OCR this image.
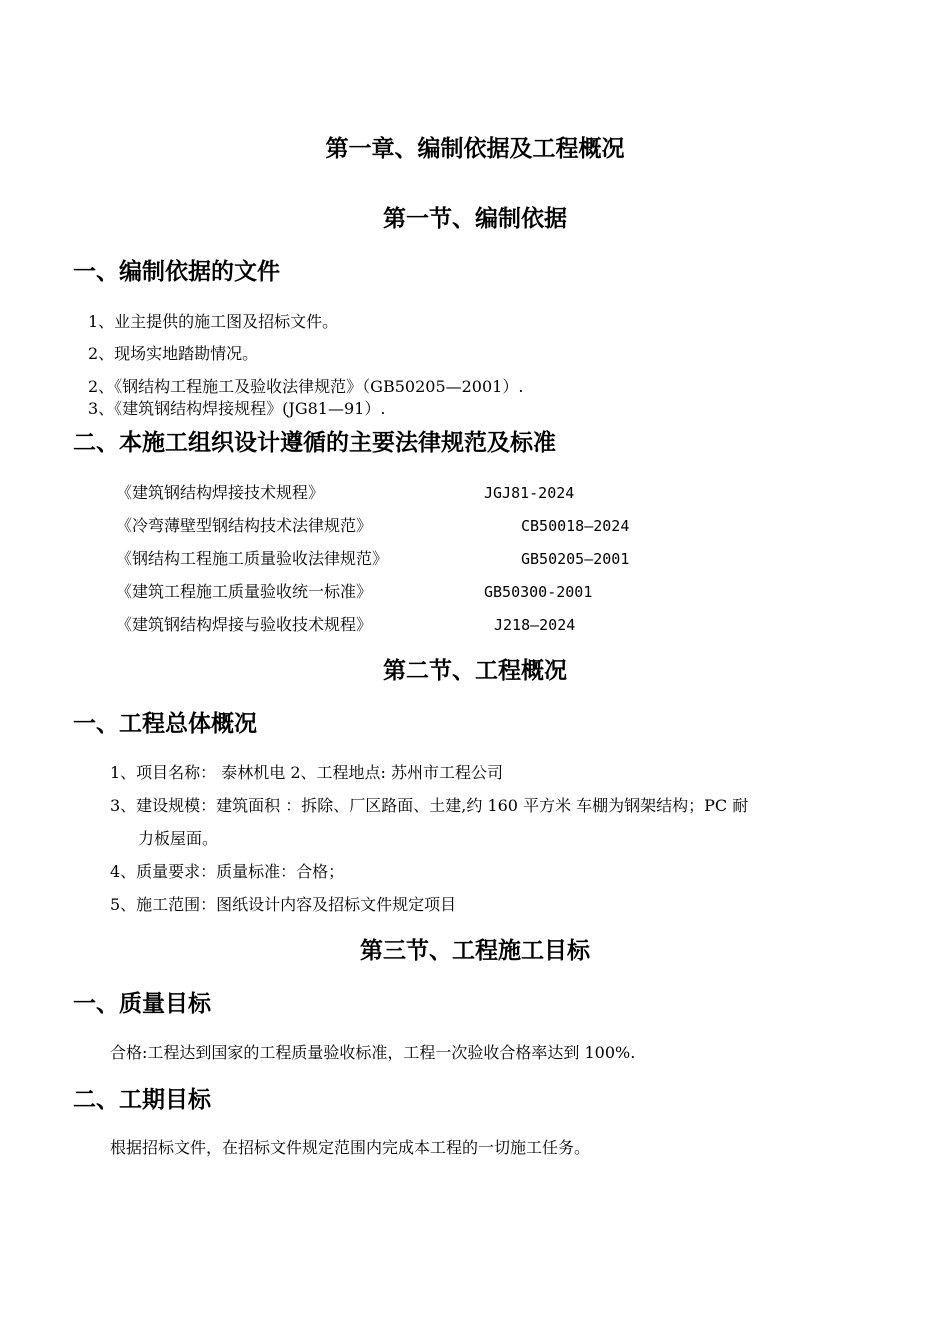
第一章、编制依据及工程概况
第一节、编制依据
一、编制依据的文件
1、业主提供的施工图及招标文件。
2、现场实地踏勘情况。
2、《钢结构工程施工及验收法律规范》（GB50205—2001）.
3、《建筑钢结构焊接规程》(JG81—91）.
二、本施工组织设计遵循的主要法律规范及标准
《建筑钢结构焊接技术规程》	JGJ81-2024
《冷弯薄壁型钢结构技术法律规范》	CB50018—2024
《钢结构工程施工质量验收法律规范》	GB50205—2001
《建筑工程施工质量验收统一标准》	GB50300-2001
《建筑钢结构焊接与验收技术规程》	J218—2024
第二节、工程概况
一、工程总体概况
1、项目名称： 泰林机电 2、工程地点: 苏州市工程公司
3、建设规模：建筑面积 ：拆除、厂区路面、土建,约 160 平方米 车棚为钢架结构；PC 耐
力板屋面。
4、质量要求：质量标准：合格；
5、施工范围：图纸设计内容及招标文件规定项目
第三节、工程施工目标
一、质量目标
合格:工程达到国家的工程质量验收标准，工程一次验收合格率达到 100%.
二、工期目标
根据招标文件，在招标文件规定范围内完成本工程的一切施工任务。
